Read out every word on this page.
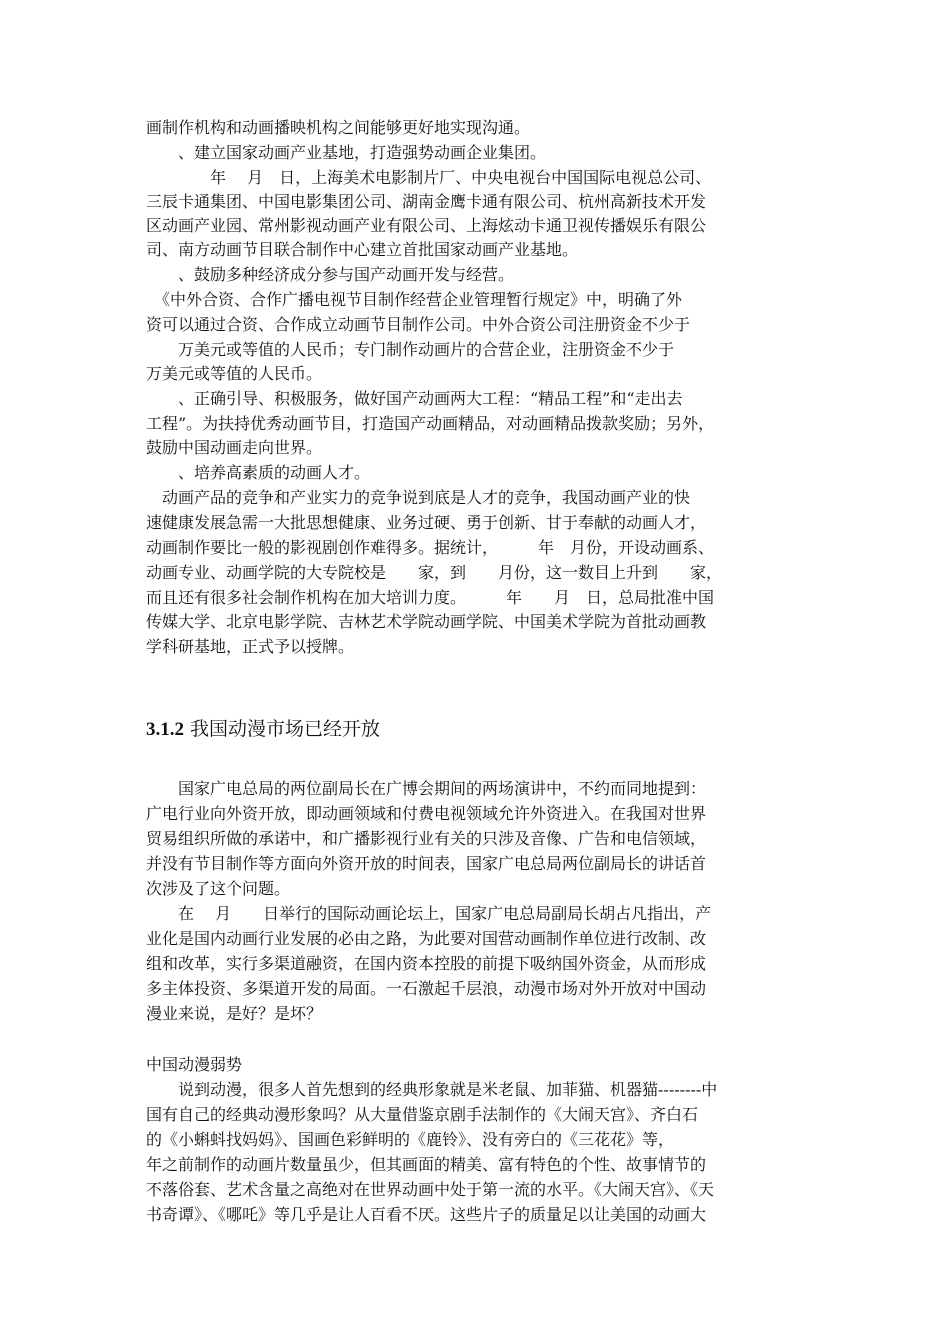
画制作机构和动画播映机构之间能够更好地实现沟通。
　　、建立国家动画产业基地，打造强势动画企业集团。
　　　　年　 月　日，上海美术电影制片厂、中央电视台中国国际电视总公司、
三辰卡通集团、中国电影集团公司、湖南金鹰卡通有限公司、杭州高新技术开发
区动画产业园、常州影视动画产业有限公司、上海炫动卡通卫视传播娱乐有限公
司、南方动画节目联合制作中心建立首批国家动画产业基地。
　　、鼓励多种经济成分参与国产动画开发与经营。
　《中外合资、合作广播电视节目制作经营企业管理暂行规定》中，明确了外
资可以通过合资、合作成立动画节目制作公司。中外合资公司注册资金不少于
　　万美元或等值的人民币；专门制作动画片的合营企业，注册资金不少于
万美元或等值的人民币。
　　、正确引导、积极服务，做好国产动画两大工程：“精品工程”和“走出去
工程”。为扶持优秀动画节目，打造国产动画精品，对动画精品拨款奖励；另外，
鼓励中国动画走向世界。
　　、培养高素质的动画人才。
　动画产品的竞争和产业实力的竞争说到底是人才的竞争，我国动画产业的快
速健康发展急需一大批思想健康、业务过硬、勇于创新、甘于奉献的动画人才，
动画制作要比一般的影视剧创作难得多。据统计，　　　年　月份，开设动画系、
动画专业、动画学院的大专院校是　　家，到　　月份，这一数目上升到　　家，
而且还有很多社会制作机构在加大培训力度。　　　年　　月　日，总局批准中国
传媒大学、北京电影学院、吉林艺术学院动画学院、中国美术学院为首批动画教
学科研基地，正式予以授牌。
3.1.2 我国动漫市场已经开放
　　国家广电总局的两位副局长在广博会期间的两场演讲中，不约而同地提到：
广电行业向外资开放，即动画领域和付费电视领域允许外资进入。在我国对世界
贸易组织所做的承诺中，和广播影视行业有关的只涉及音像、广告和电信领域，
并没有节目制作等方面向外资开放的时间表，国家广电总局两位副局长的讲话首
次涉及了这个问题。
　　在　 月　　日举行的国际动画论坛上，国家广电总局副局长胡占凡指出，产
业化是国内动画行业发展的必由之路，为此要对国营动画制作单位进行改制、改
组和改革，实行多渠道融资，在国内资本控股的前提下吸纳国外资金，从而形成
多主体投资、多渠道开发的局面。一石激起千层浪，动漫市场对外开放对中国动
漫业来说，是好？是坏？
中国动漫弱势
　　说到动漫，很多人首先想到的经典形象就是米老鼠、加菲猫、机器猫--------中
国有自己的经典动漫形象吗？从大量借鉴京剧手法制作的《大闹天宫》、齐白石
的《小蝌蚪找妈妈》、国画色彩鲜明的《鹿铃》、没有旁白的《三花花》等，
年之前制作的动画片数量虽少，但其画面的精美、富有特色的个性、故事情节的
不落俗套、艺术含量之高绝对在世界动画中处于第一流的水平。《大闹天宫》、《天
书奇谭》、《哪吒》等几乎是让人百看不厌。这些片子的质量足以让美国的动画大
